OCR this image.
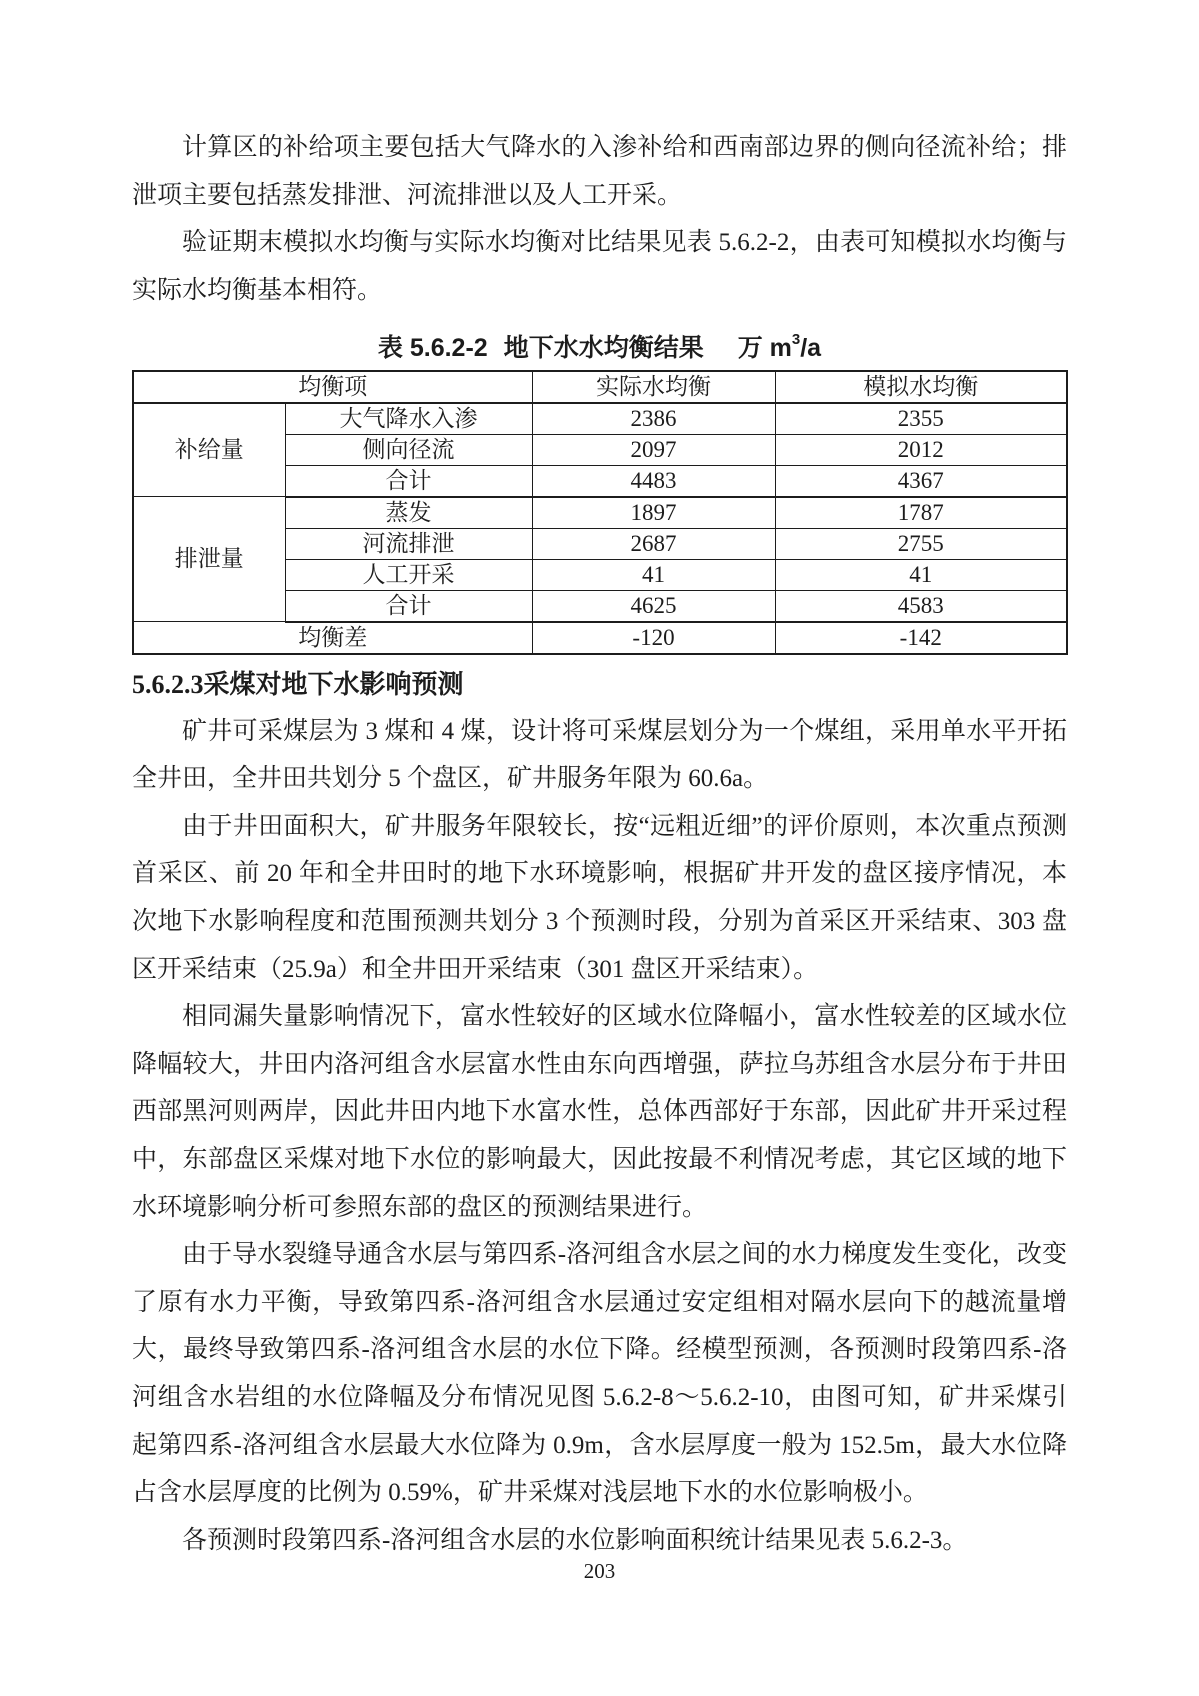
计算区的补给项主要包括大气降水的入渗补给和西南部边界的侧向径流补给；排泄项主要包括蒸发排泄、河流排泄以及人工开采。

验证期末模拟水均衡与实际水均衡对比结果见表 5.6.2-2，由表可知模拟水均衡与实际水均衡基本相符。

表 5.6.2-2 地下水水均衡结果 万 $m^3/a$
均衡项		实际水均衡	模拟水均衡
补给量	大气降水入渗	2386	2355
	侧向径流	2097	2012
	合计	4483	4367
排泄量	蒸发	1897	1787
	河流排泄	2687	2755
	人工开采	41	41
	合计	4625	4583
均衡差		-120	-142
5.6.2.3采煤对地下水影响预测

矿井可采煤层为 3 煤和 4 煤，设计将可采煤层划分为一个煤组，采用单水平开拓全井田，全井田共划分 5 个盘区，矿井服务年限为 60.6a。

由于井田面积大，矿井服务年限较长，按“远粗近细”的评价原则，本次重点预测首采区、前 20 年和全井田时的地下水环境影响，根据矿井开发的盘区接序情况，本次地下水影响程度和范围预测共划分 3 个预测时段，分别为首采区开采结束、303 盘区开采结束（25.9a）和全井田开采结束（301 盘区开采结束）。

相同漏失量影响情况下，富水性较好的区域水位降幅小，富水性较差的区域水位降幅较大，井田内洛河组含水层富水性由东向西增强，萨拉乌苏组含水层分布于井田西部黑河则两岸，因此井田内地下水富水性，总体西部好于东部，因此矿井开采过程中，东部盘区采煤对地下水位的影响最大，因此按最不利情况考虑，其它区域的地下水环境影响分析可参照东部的盘区的预测结果进行。

由于导水裂缝导通含水层与第四系-洛河组含水层之间的水力梯度发生变化，改变了原有水力平衡，导致第四系-洛河组含水层通过安定组相对隔水层向下的越流量增大，最终导致第四系-洛河组含水层的水位下降。经模型预测，各预测时段第四系-洛河组含水岩组的水位降幅及分布情况见图 5.6.2-8～5.6.2-10，由图可知，矿井采煤引起第四系-洛河组含水层最大水位降为 0.9m，含水层厚度一般为 152.5m，最大水位降占含水层厚度的比例为 0.59%，矿井采煤对浅层地下水的水位影响极小。

各预测时段第四系-洛河组含水层的水位影响面积统计结果见表 5.6.2-3。

203
